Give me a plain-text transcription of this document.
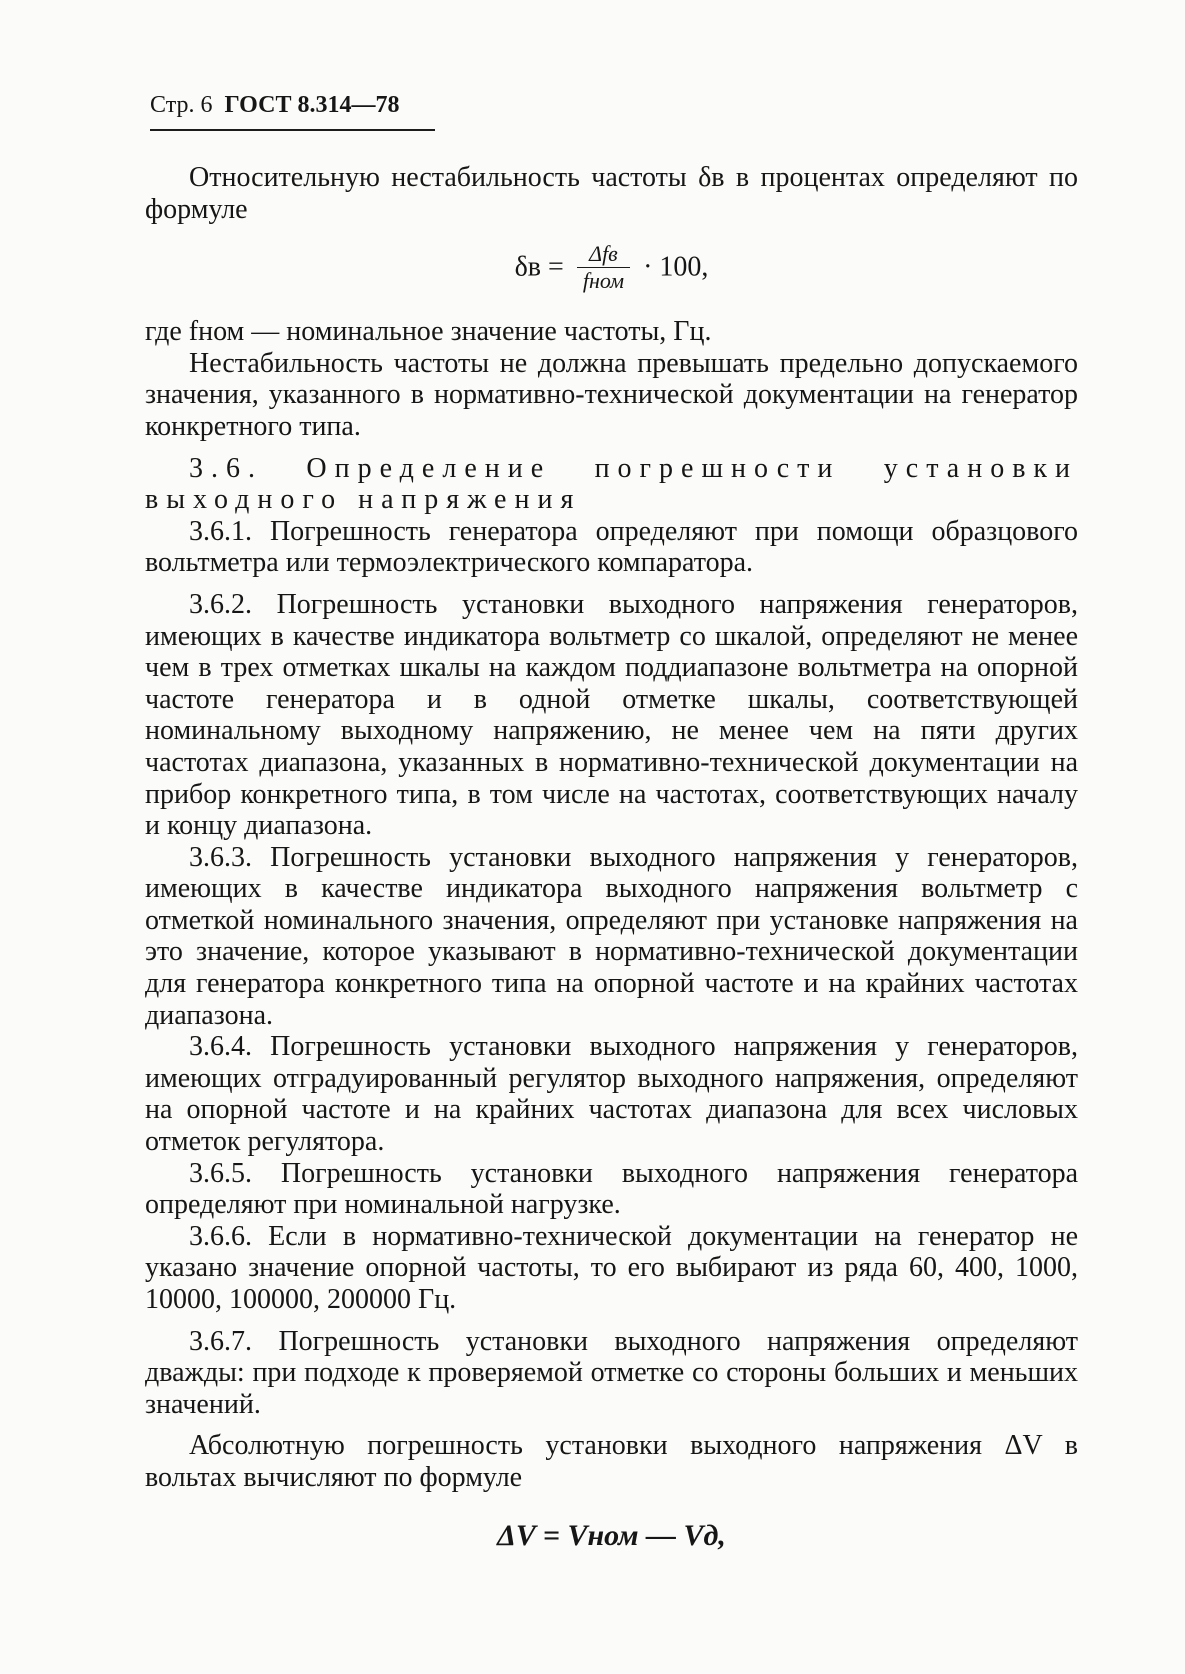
Стр. 6 ГОСТ 8.314—78

Относительную нестабильность частоты δв в процентах определяют по формуле

$\delta в = \frac{\text{Δfв}}{\text{fном}} \cdot 100$,

где fном — номинальное значение частоты, Гц.

Нестабильность частоты не должна превышать предельно допускаемого значения, указанного в нормативно-технической документации на генератор конкретного типа.

3.6. Определение погрешности установки выходного напряжения

3.6.1. Погрешность генератора определяют при помощи образцового вольтметра или термоэлектрического компаратора.

3.6.2. Погрешность установки выходного напряжения генераторов, имеющих в качестве индикатора вольтметр со шкалой, определяют не менее чем в трех отметках шкалы на каждом поддиапазоне вольтметра на опорной частоте генератора и в одной отметке шкалы, соответствующей номинальному выходному напряжению, не менее чем на пяти других частотах диапазона, указанных в нормативно-технической документации на прибор конкретного типа, в том числе на частотах, соответствующих началу и концу диапазона.

3.6.3. Погрешность установки выходного напряжения у генераторов, имеющих в качестве индикатора выходного напряжения вольтметр с отметкой номинального значения, определяют при установке напряжения на это значение, которое указывают в нормативно-технической документации для генератора конкретного типа на опорной частоте и на крайних частотах диапазона.

3.6.4. Погрешность установки выходного напряжения у генераторов, имеющих отградуированный регулятор выходного напряжения, определяют на опорной частоте и на крайних частотах диапазона для всех числовых отметок регулятора.

3.6.5. Погрешность установки выходного напряжения генератора определяют при номинальной нагрузке.

3.6.6. Если в нормативно-технической документации на генератор не указано значение опорной частоты, то его выбирают из ряда 60, 400, 1000, 10000, 100000, 200000 Гц.

3.6.7. Погрешность установки выходного напряжения определяют дважды: при подходе к проверяемой отметке со стороны больших и меньших значений.

Абсолютную погрешность установки выходного напряжения ΔV в вольтах вычисляют по формуле

ΔV = Vном — Vд,
